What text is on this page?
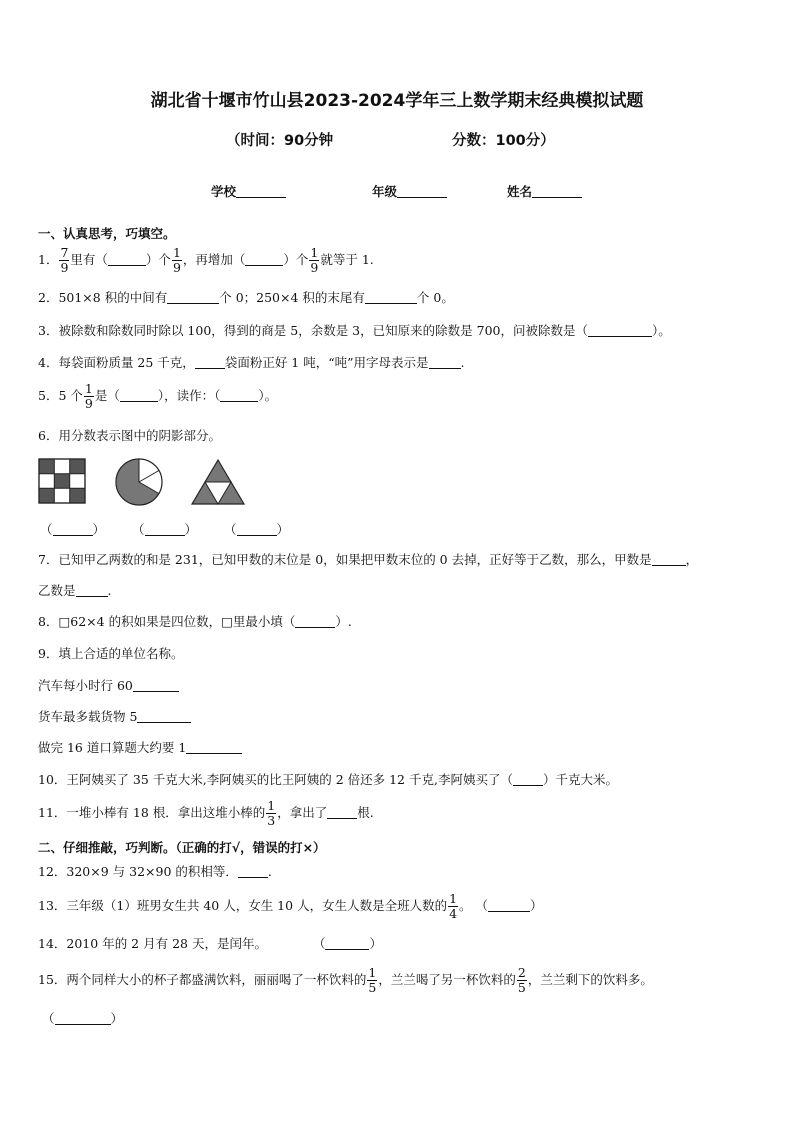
湖北省十堰市竹山县2023-2024学年三上数学期末经典模拟试题
（时间：90分钟	分数：100分）
学校	年级	姓名
一、认真思考，巧填空。
1． $\frac{7}{9}$ 里有（	）个 $\frac{1}{9}$ ，再增加（	）个 $\frac{1}{9}$ 就等于 1.
2．501×8 积的中间有	个 0；250×4 积的末尾有	个 0。
3．被除数和除数同时除以 100，得到的商是 5，余数是 3，已知原来的除数是 700，问被除数是（	）。
4．每袋面粉质量 25 千克， 袋面粉正好 1 吨，“吨”用字母表示是	.
5．5 个 $\frac{1}{9}$ 是（	），读作：（	）。
6．用分数表示图中的阴影部分。
（	） （	） （	）
7．已知甲乙两数的和是 231，已知甲数的末位是 0，如果把甲数末位的 0 去掉，正好等于乙数，那么，甲数是	，
乙数是	.
8．□62×4 的积如果是四位数，□里最小填（	）.
9．填上合适的单位名称。
汽车每小时行 60
货车最多载货物 5
做完 16 道口算题大约要 1
10．王阿姨买了 35 千克大米,李阿姨买的比王阿姨的 2 倍还多 12 千克,李阿姨买了（ ）千克大米。
11．一堆小棒有 18 根．拿出这堆小棒的 $\frac{1}{3}$ ，拿出了 根.
二、仔细推敲，巧判断。（正确的打√，错误的打×）
12．320×9 与 32×90 的积相等． .
13．三年级（1）班男女生共 40 人，女生 10 人，女生人数是全班人数的 $\frac{1}{4}$ 。 （	）
14．2010 年的 2 月有 28 天，是闰年。	（	）
15．两个同样大小的杯子都盛满饮料，丽丽喝了一杯饮料的 $\frac{1}{5}$ ，兰兰喝了另一杯饮料的 $\frac{2}{5}$ ，兰兰剩下的饮料多。
（	）
